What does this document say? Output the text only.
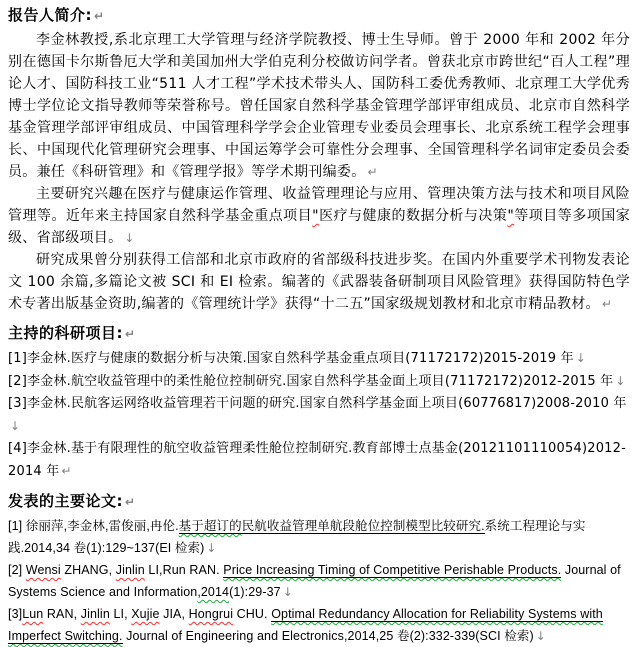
报告人简介: ↵
李金林教授,系北京理工大学管理与经济学院教授、博士生导师。曾于 2000 年和 2002 年分别在德国卡尔斯鲁厄大学和美国加州大学伯克利分校做访问学者。曾获北京市跨世纪“百人工程”理论人才、国防科技工业“511 人才工程”学术技术带头人、国防科工委优秀教师、北京理工大学优秀博士学位论文指导教师等荣誉称号。曾任国家自然科学基金管理学部评审组成员、北京市自然科学基金管理学部评审组成员、中国管理科学学会企业管理专业委员会理事长、北京系统工程学会理事长、中国现代化管理研究会理事、中国运筹学会可靠性分会理事、全国管理科学名词审定委员会委员。兼任《科研管理》和《管理学报》等学术期刊编委。 ↵
主要研究兴趣在医疗与健康运作管理、收益管理理论与应用、管理决策方法与技术和项目风险管理等。近年来主持国家自然科学基金重点项目"医疗与健康的数据分析与决策"等项目等多项国家级、省部级项目。 ↓
研究成果曾分别获得工信部和北京市政府的省部级科技进步奖。在国内外重要学术刊物发表论文 100 余篇,多篇论文被 SCI 和 EI 检索。编著的《武器装备研制项目风险管理》获得国防特色学术专著出版基金资助,编著的《管理统计学》获得“十二五”国家级规划教材和北京市精品教材。 ↵
主持的科研项目: ↵
[1]李金林.医疗与健康的数据分析与决策.国家自然科学基金重点项目(71172172)2015-2019 年 ↓
[2]李金林.航空收益管理中的柔性舱位控制研究.国家自然科学基金面上项目(71172172)2012-2015 年 ↓
[3]李金林.民航客运网络收益管理若干问题的研究.国家自然科学基金面上项目(60776817)2008-2010 年↓
[4]李金林.基于有限理性的航空收益管理柔性舱位控制研究.教育部博士点基金(20121101110054)2012-2014 年 ↵
发表的主要论文: ↵
[1] 徐丽萍,李金林,雷俊丽,冉伦.基于超订的民航收益管理单航段舱位控制模型比较研究.系统工程理论与实践.2014,34 卷(1):129~137(EI 检索) ↓
[2] Wensi ZHANG, Jinlin LI,Run RAN. Price Increasing Timing of Competitive Perishable Products. Journal of Systems Science and Information,2014(1):29-37 ↓
[3]Lun RAN, Jinlin LI, Xujie JIA, Hongrui CHU. Optimal Redundancy Allocation for Reliability Systems with Imperfect Switching. Journal of Engineering and Electronics,2014,25 卷(2):332-339(SCI 检索) ↓
